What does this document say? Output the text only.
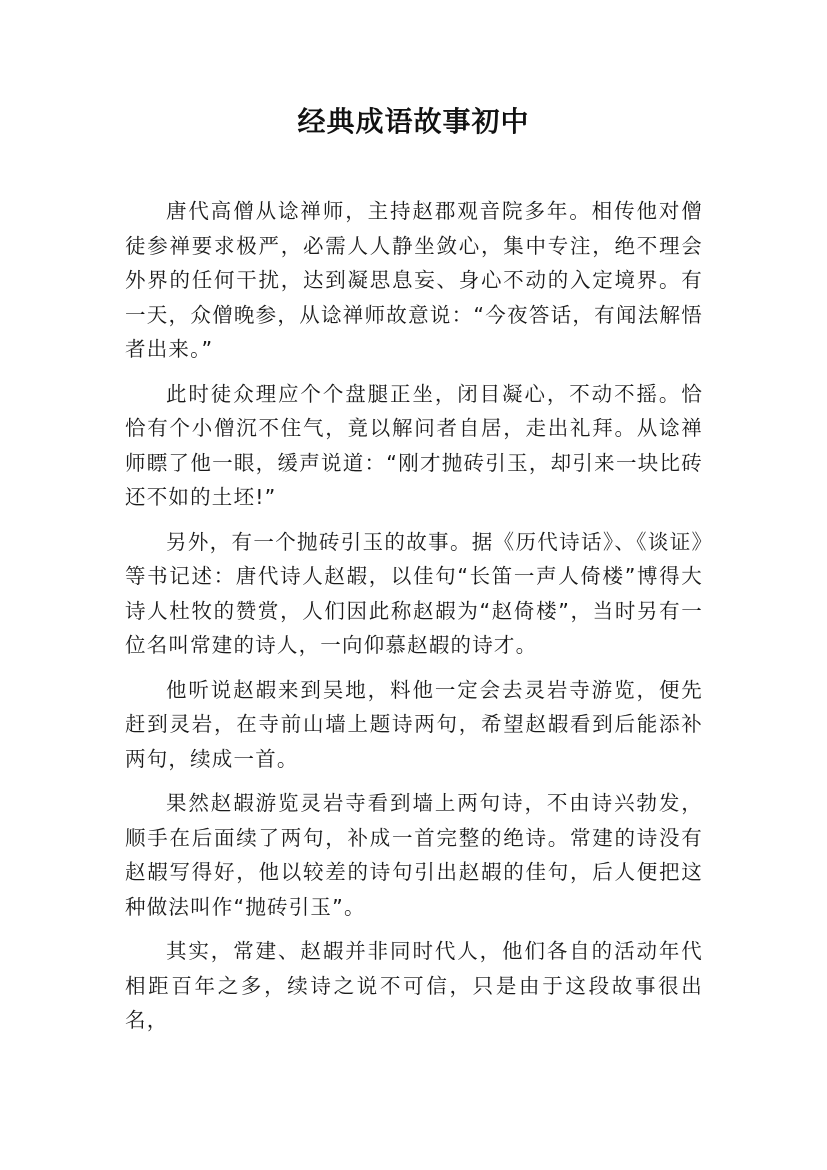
经典成语故事初中

唐代高僧从谂禅师，主持赵郡观音院多年。相传他对僧徒参禅要求极严，必需人人静坐敛心，集中专注，绝不理会外界的任何干扰，达到凝思息妄、身心不动的入定境界。有一天，众僧晚参，从谂禅师故意说：“今夜答话，有闻法解悟者出来。”

此时徒众理应个个盘腿正坐，闭目凝心，不动不摇。恰恰有个小僧沉不住气，竟以解问者自居，走出礼拜。从谂禅师瞟了他一眼，缓声说道：“刚才抛砖引玉，却引来一块比砖还不如的土坯!”

另外，有一个抛砖引玉的故事。据《历代诗话》、《谈证》等书记述：唐代诗人赵嘏，以佳句“长笛一声人倚楼”博得大诗人杜牧的赞赏，人们因此称赵嘏为“赵倚楼”，当时另有一位名叫常建的诗人，一向仰慕赵嘏的诗才。

他听说赵嘏来到吴地，料他一定会去灵岩寺游览，便先赶到灵岩，在寺前山墙上题诗两句，希望赵嘏看到后能添补两句，续成一首。

果然赵嘏游览灵岩寺看到墙上两句诗，不由诗兴勃发，顺手在后面续了两句，补成一首完整的绝诗。常建的诗没有赵嘏写得好，他以较差的诗句引出赵嘏的佳句，后人便把这种做法叫作“抛砖引玉”。

其实，常建、赵嘏并非同时代人，他们各自的活动年代相距百年之多，续诗之说不可信，只是由于这段故事很出名，
